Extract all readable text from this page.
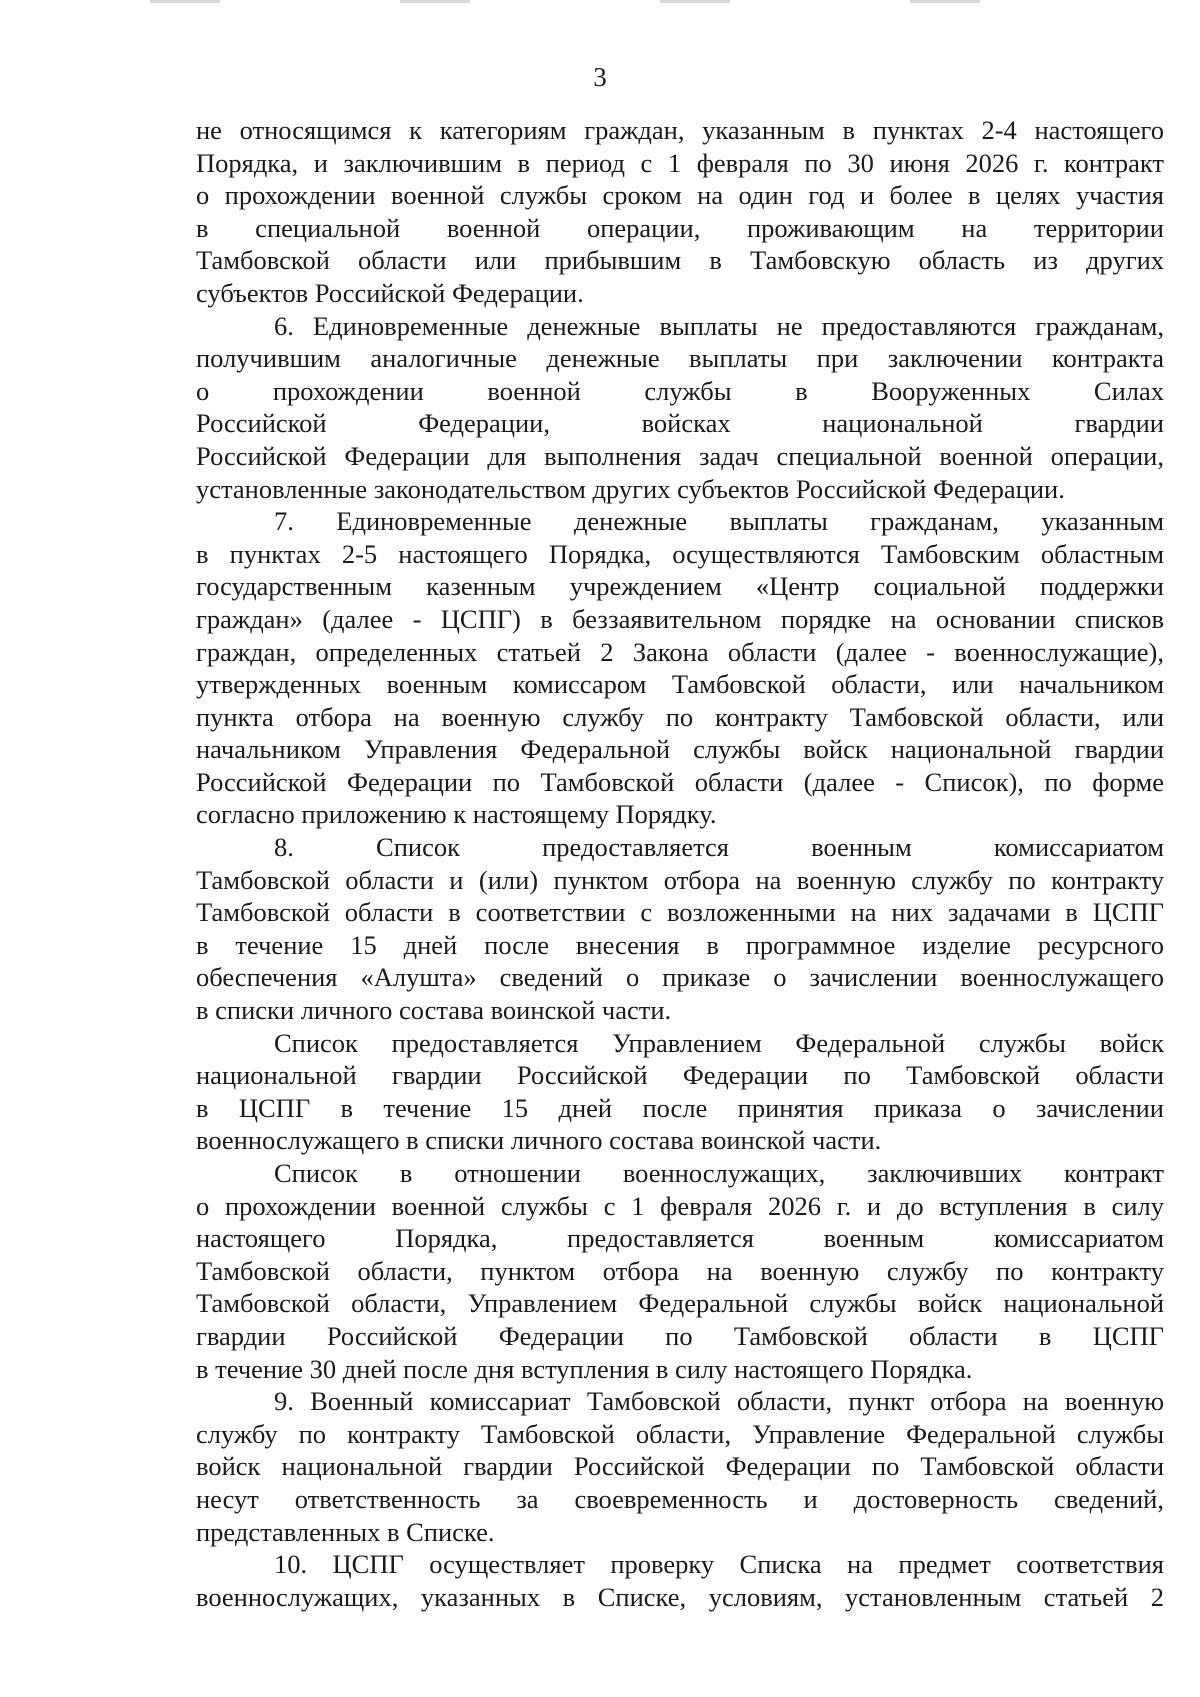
3
не относящимся к категориям граждан, указанным в пунктах 2-4 настоящего
Порядка, и заключившим в период с 1 февраля по 30 июня 2026 г. контракт
о прохождении военной службы сроком на один год и более в целях участия
в специальной военной операции, проживающим на территории
Тамбовской области или прибывшим в Тамбовскую область из других
субъектов Российской Федерации.
6. Единовременные денежные выплаты не предоставляются гражданам,
получившим аналогичные денежные выплаты при заключении контракта
о прохождении военной службы в Вооруженных Силах
Российской Федерации, войсках национальной гвардии
Российской Федерации для выполнения задач специальной военной операции,
установленные законодательством других субъектов Российской Федерации.
7. Единовременные денежные выплаты гражданам, указанным
в пунктах 2-5 настоящего Порядка, осуществляются Тамбовским областным
государственным казенным учреждением «Центр социальной поддержки
граждан» (далее - ЦСПГ) в беззаявительном порядке на основании списков
граждан, определенных статьей 2 Закона области (далее - военнослужащие),
утвержденных военным комиссаром Тамбовской области, или начальником
пункта отбора на военную службу по контракту Тамбовской области, или
начальником Управления Федеральной службы войск национальной гвардии
Российской Федерации по Тамбовской области (далее - Список), по форме
согласно приложению к настоящему Порядку.
8. Список предоставляется военным комиссариатом
Тамбовской области и (или) пунктом отбора на военную службу по контракту
Тамбовской области в соответствии с возложенными на них задачами в ЦСПГ
в течение 15 дней после внесения в программное изделие ресурсного
обеспечения «Алушта» сведений о приказе о зачислении военнослужащего
в списки личного состава воинской части.
Список предоставляется Управлением Федеральной службы войск
национальной гвардии Российской Федерации по Тамбовской области
в ЦСПГ в течение 15 дней после принятия приказа о зачислении
военнослужащего в списки личного состава воинской части.
Список в отношении военнослужащих, заключивших контракт
о прохождении военной службы с 1 февраля 2026 г. и до вступления в силу
настоящего Порядка, предоставляется военным комиссариатом
Тамбовской области, пунктом отбора на военную службу по контракту
Тамбовской области, Управлением Федеральной службы войск национальной
гвардии Российской Федерации по Тамбовской области в ЦСПГ
в течение 30 дней после дня вступления в силу настоящего Порядка.
9. Военный комиссариат Тамбовской области, пункт отбора на военную
службу по контракту Тамбовской области, Управление Федеральной службы
войск национальной гвардии Российской Федерации по Тамбовской области
несут ответственность за своевременность и достоверность сведений,
представленных в Списке.
10. ЦСПГ осуществляет проверку Списка на предмет соответствия
военнослужащих, указанных в Списке, условиям, установленным статьей 2
